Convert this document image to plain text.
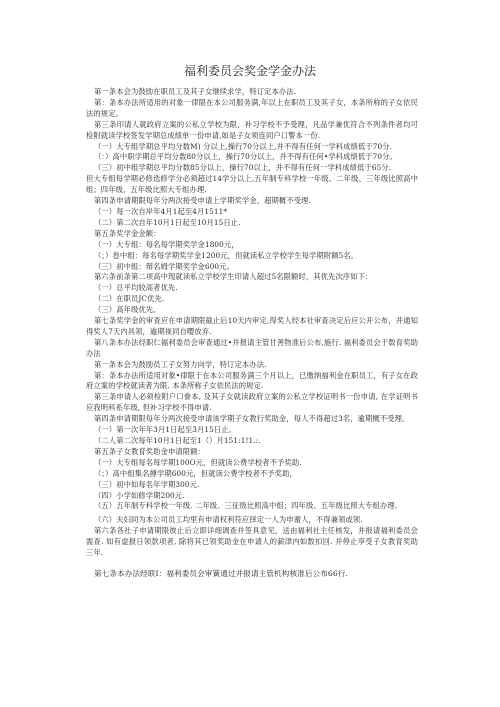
福利委员会奖金学金办法

第一条本会为鼓励在职员工及其子女继续求学，特订定本办法.

第：条本办法所适用的对象一律限在本公司服务满,年以上在职员工及其子女，本条所称的子女依民法的规定。

第三条印请人就政府立案的公私立学校为限，补习学校不予受理，凡品学兼优符合不列条件者均可检附就读学校签发学期总成绩单一份申请,如是子女须连同户口警本一份.

（一）大专组学期总平均分数M) 分以上,操行70分以上,并不得有任何一学科成绩低于70分.

（：）高中职学期总平均分数80分以上，操行70分以上，并不得有任何•学科成绩低于70分。

（三）初中组学期总平均分数85分以上，操行70以上，并不得有任何一学科成绩低于65分.

但大专组每学期必修选修学分必须超过14学分以上,五年制专科学校一年级、二年级、三年级比照高中组；四年级、五年级比照大专组办理.

第四条申请期限每年分两次接受申请上学期奖学金，超期概不受理.

（一）每一次自岸年4月1起至4月1511*

（二）第二次自年10月1日起至10月15日止.

第五条奖学金金额：

（一）大专组：每名每学期奖学金1800元，

（；）卷中组：每名每学期奖学金1200元，但就读私立学校学生每学期附额5名。

（三）初中组：辩名姆学期奖学金600元。

第六条前条第二项高中现就读私立学校学生印请人超过5名限额时，其优先次序如下：

（一）总平均较高者优先.

（二）在职员JC优先.

（三）高年级优先。

第七条奖学金的审查应在申请期限截止后10天内审定,得奖人经本社审查决定后应公开公布，并通知得奖人7天内具领，逾期视同自嘤放弃.

第八条本办法经职仁福利委员会审查通过•并报请主管甘善物准后公布,施行. 福利委员会于数育奖助办法

第一条本会为鼓励员工子女努力向学，特订定本办法.

第：条本办法所适用对象•律限于在本公司服务满三个月以上，已缴纳福利金在职员工，有子女在政府立案的学校就读者为限. 本条所称子女依民法的规定.

第三条申请人必须检附户口誊本, 及其子女就读政府立案的公私立学校证明书一份申请, 在学证明书应我明科系年级, 但补习学校不得申请.

第四条申请期限每年分两次接受申请该学期子女教行奖助金，每人不得超过3名，逾期概不受理。

（一）第一次年年3月1日起至3月15日止。

（二人第二次每年10月1日起至1（）月151:1!1.:.

第五条子女教育奖助金申请限额：

（一）大专组每名每学期100O元，但就读公费学校者不予奖助.

（；）高中组集名搏学期600元，但就读公费学校者不予奖助，

（三）初中如每名年学期300元.

（四）小学如修学期200元.

（五）五年制专科学校一年级. 二年级、三征级比照高中组；四年级、五年级比照大专组办理.

（六）夫妇同为本公司员工均里有申请权利符应择定一人为申谢人，不得兼领或领.

第六条各社子申请期限彼止后立即详细调查并签具意见，送由福利社主任核发，并报请福利委员会需查. 如有虚报日领款项者, 除将其已领奖助金在申请人的薪津内如数扣回. 并停止享受子女教育奖助三年.

第七条本办法经联I：福利委员会审簧通过并报请主管机构核准后公布66行.
